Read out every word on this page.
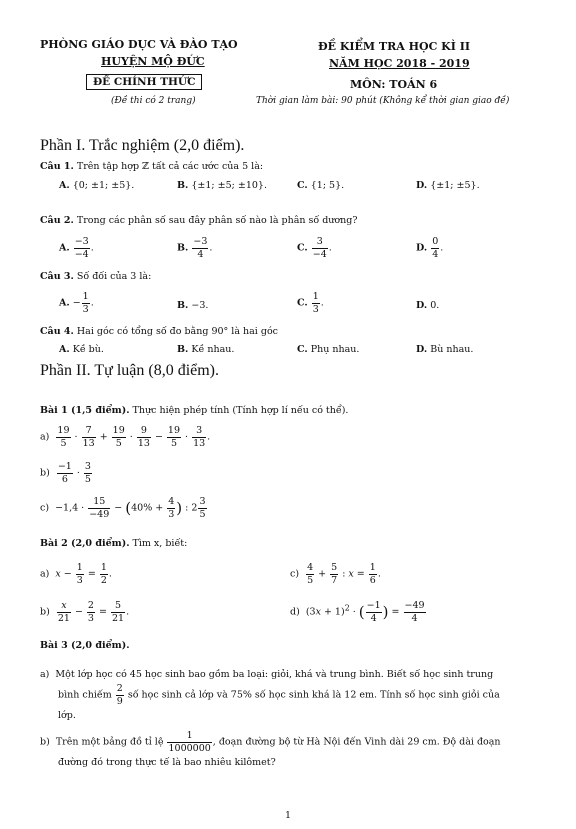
PHÒNG GIÁO DỤC VÀ ĐÀO TẠO
HUYỆN MỘ ĐỨC
ĐỀ CHÍNH THỨC
(Đề thi có 2 trang)
ĐỀ KIỂM TRA HỌC KÌ II
NĂM HỌC 2018 - 2019
MÔN: TOÁN 6
Thời gian làm bài: 90 phút (Không kể thời gian giao đề)
Phần I. Trắc nghiệm (2,0 điểm).
Câu 1. Trên tập hợp ℤ tất cả các ước của 5 là:
A. {0; ±1; ±5}.	B. {±1; ±5; ±10}.	C. {1; 5}.	D. {±1; ±5}.
Câu 2. Trong các phân số sau đây phân số nào là phân số dương?
A. $\frac{-3}{-4}$ .	B. $\frac{-3}{4}$ .	C. $\frac{3}{-4}$ .	D. $\frac{0}{4}$ .
Câu 3. Số đối của 3 là:
A. − $\frac{1}{3}$ .	B. −3.	C. $\frac{1}{3}$ .	D. 0.
Câu 4. Hai góc có tổng số đo bằng 90° là hai góc
A. Kề bù.	B. Kề nhau.	C. Phụ nhau.	D. Bù nhau.
Phần II. Tự luận (8,0 điểm).
Bài 1 (1,5 điểm). Thực hiện phép tính (Tính hợp lí nếu có thể).
$a) \frac{19}{5} \cdot \frac{7}{13} + \frac{19}{5} \cdot \frac{9}{13} - \frac{19}{5} \cdot \frac{3}{13}$ .
$b) \frac{-1}{6} \cdot \frac{3}{5}$
$c) -1,4 \cdot \frac{15}{-49} - (40\% + \frac{4}{3}$ ) : $2 \frac{3}{5}$
Bài 2 (2,0 điểm). Tìm x, biết:
a)  $x - \frac{1}{3} = \frac{1}{2}$ .	$c) \frac{4}{5} + \frac{5}{7}$ : $x = \frac{1}{6}$ .
$b) \frac{x}{21} - \frac{2}{3} = \frac{5}{21}$ .	d)  $(3x + 1)^2$ · ( $\frac{-1}{4}$ ) = $\frac{-49}{4}$
Bài 3 (2,0 điểm).
a)  Một lớp học có 45 học sinh bao gồm ba loại: giỏi, khá và trung bình. Biết số học sinh trung
bình chiếm $\frac{2}{9}$ số học sinh cả lớp và 75% số học sinh khá là 12 em. Tính số học sinh giỏi của
lớp.
b)  Trên một bảng đồ tỉ lệ $\frac{1}{1000000}$ , đoạn đường bộ từ Hà Nội đến Vinh dài 29 cm. Độ dài đoạn
đường đó trong thực tế là bao nhiêu kilômet?
1
